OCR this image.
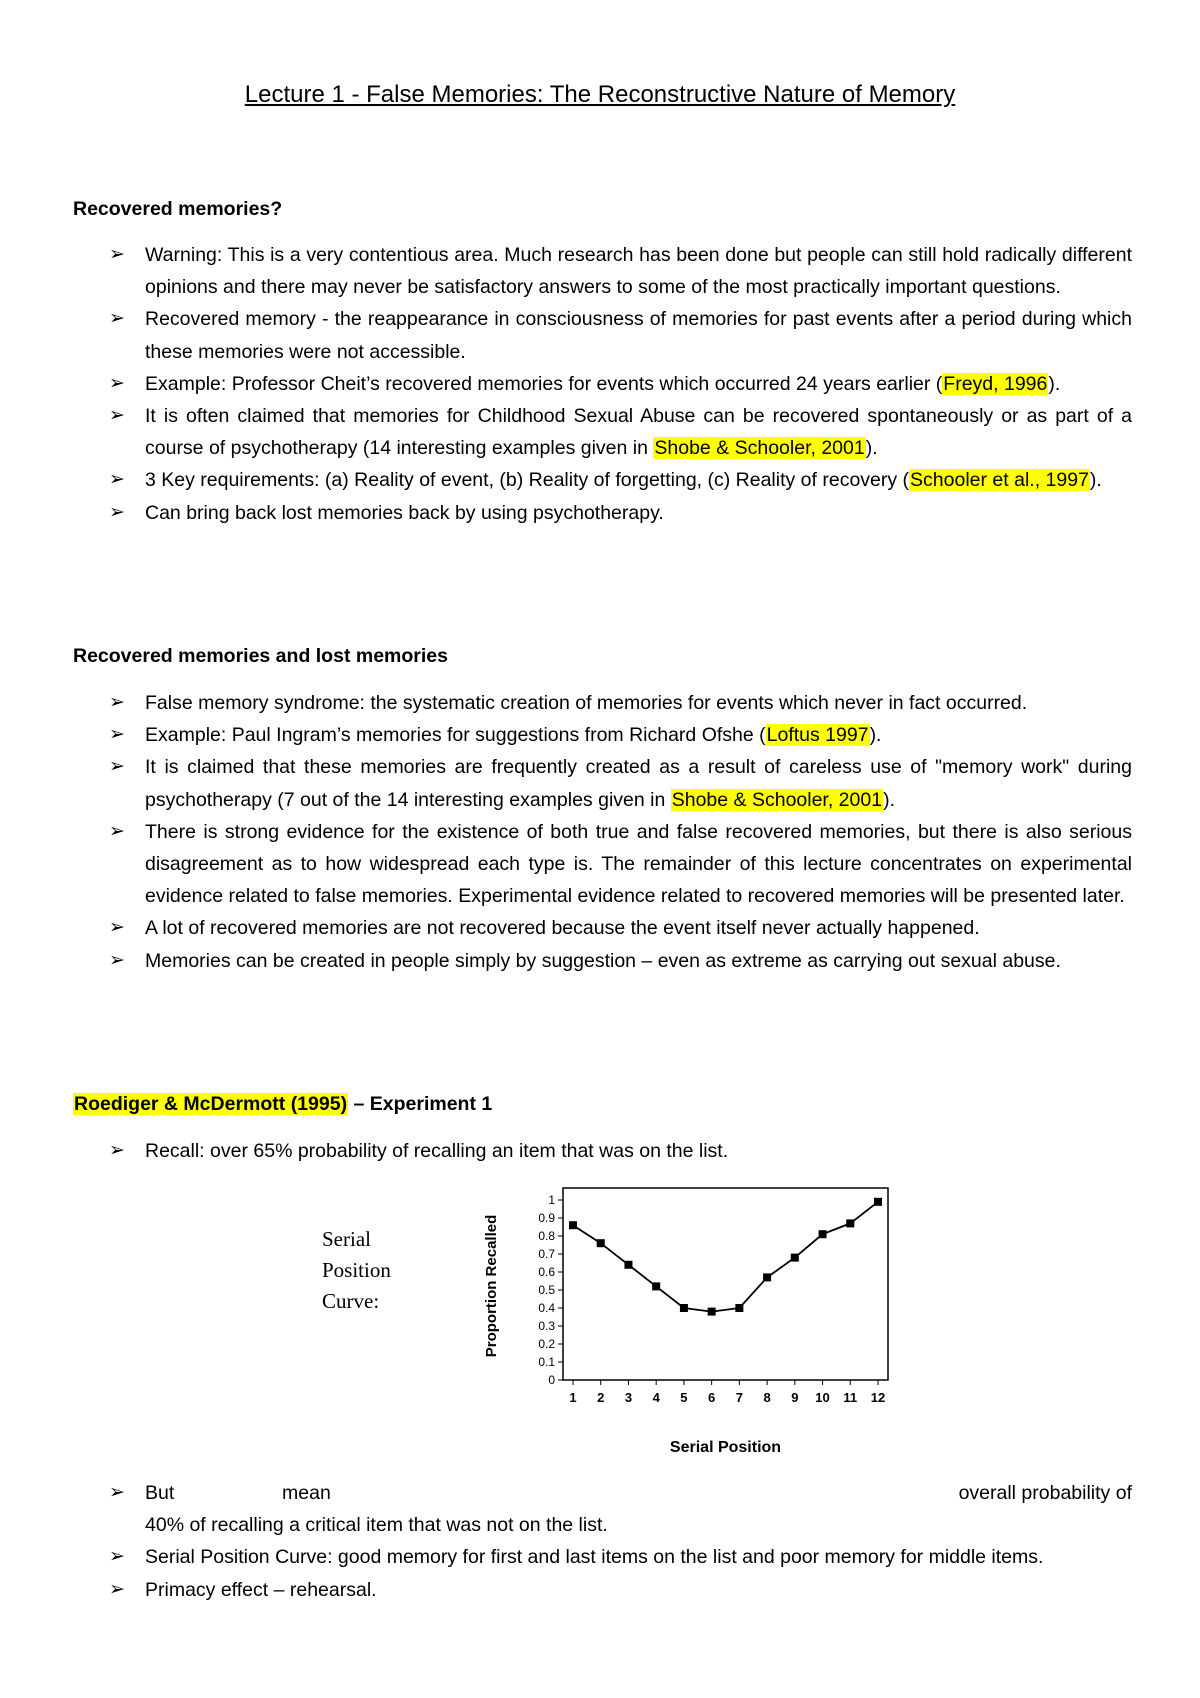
Lecture 1 - False Memories: The Reconstructive Nature of Memory
Recovered memories?
➢ Warning: This is a very contentious area. Much research has been done but people can still hold radically different opinions and there may never be satisfactory answers to some of the most practically important questions.
➢ Recovered memory - the reappearance in consciousness of memories for past events after a period during which these memories were not accessible.
➢ Example: Professor Cheit’s recovered memories for events which occurred 24 years earlier (Freyd, 1996).
➢ It is often claimed that memories for Childhood Sexual Abuse can be recovered spontaneously or as part of a course of psychotherapy (14 interesting examples given in Shobe & Schooler, 2001).
➢ 3 Key requirements: (a) Reality of event, (b) Reality of forgetting, (c) Reality of recovery (Schooler et al., 1997).
➢ Can bring back lost memories back by using psychotherapy.
Recovered memories and lost memories
➢ False memory syndrome: the systematic creation of memories for events which never in fact occurred.
➢ Example: Paul Ingram’s memories for suggestions from Richard Ofshe (Loftus 1997).
➢ It is claimed that these memories are frequently created as a result of careless use of "memory work" during psychotherapy (7 out of the 14 interesting examples given in Shobe & Schooler, 2001).
➢ There is strong evidence for the existence of both true and false recovered memories, but there is also serious disagreement as to how widespread each type is. The remainder of this lecture concentrates on experimental evidence related to false memories. Experimental evidence related to recovered memories will be presented later.
➢ A lot of recovered memories are not recovered because the event itself never actually happened.
➢ Memories can be created in people simply by suggestion – even as extreme as carrying out sexual abuse.
Roediger & McDermott (1995) – Experiment 1
➢ Recall: over 65% probability of recalling an item that was on the list.
Serial Position Curve:
0
0.1
0.2
0.3
0.4
0.5
0.6
0.7
0.8
0.9
1
1 2 3 4 5 6 7 8 9 10 11 12
Proportion Recalled
Serial Position
➢ But	mean	overall probability of
40% of recalling a critical item that was not on the list.
➢ Serial Position Curve: good memory for first and last items on the list and poor memory for middle items.
➢ Primacy effect – rehearsal.
